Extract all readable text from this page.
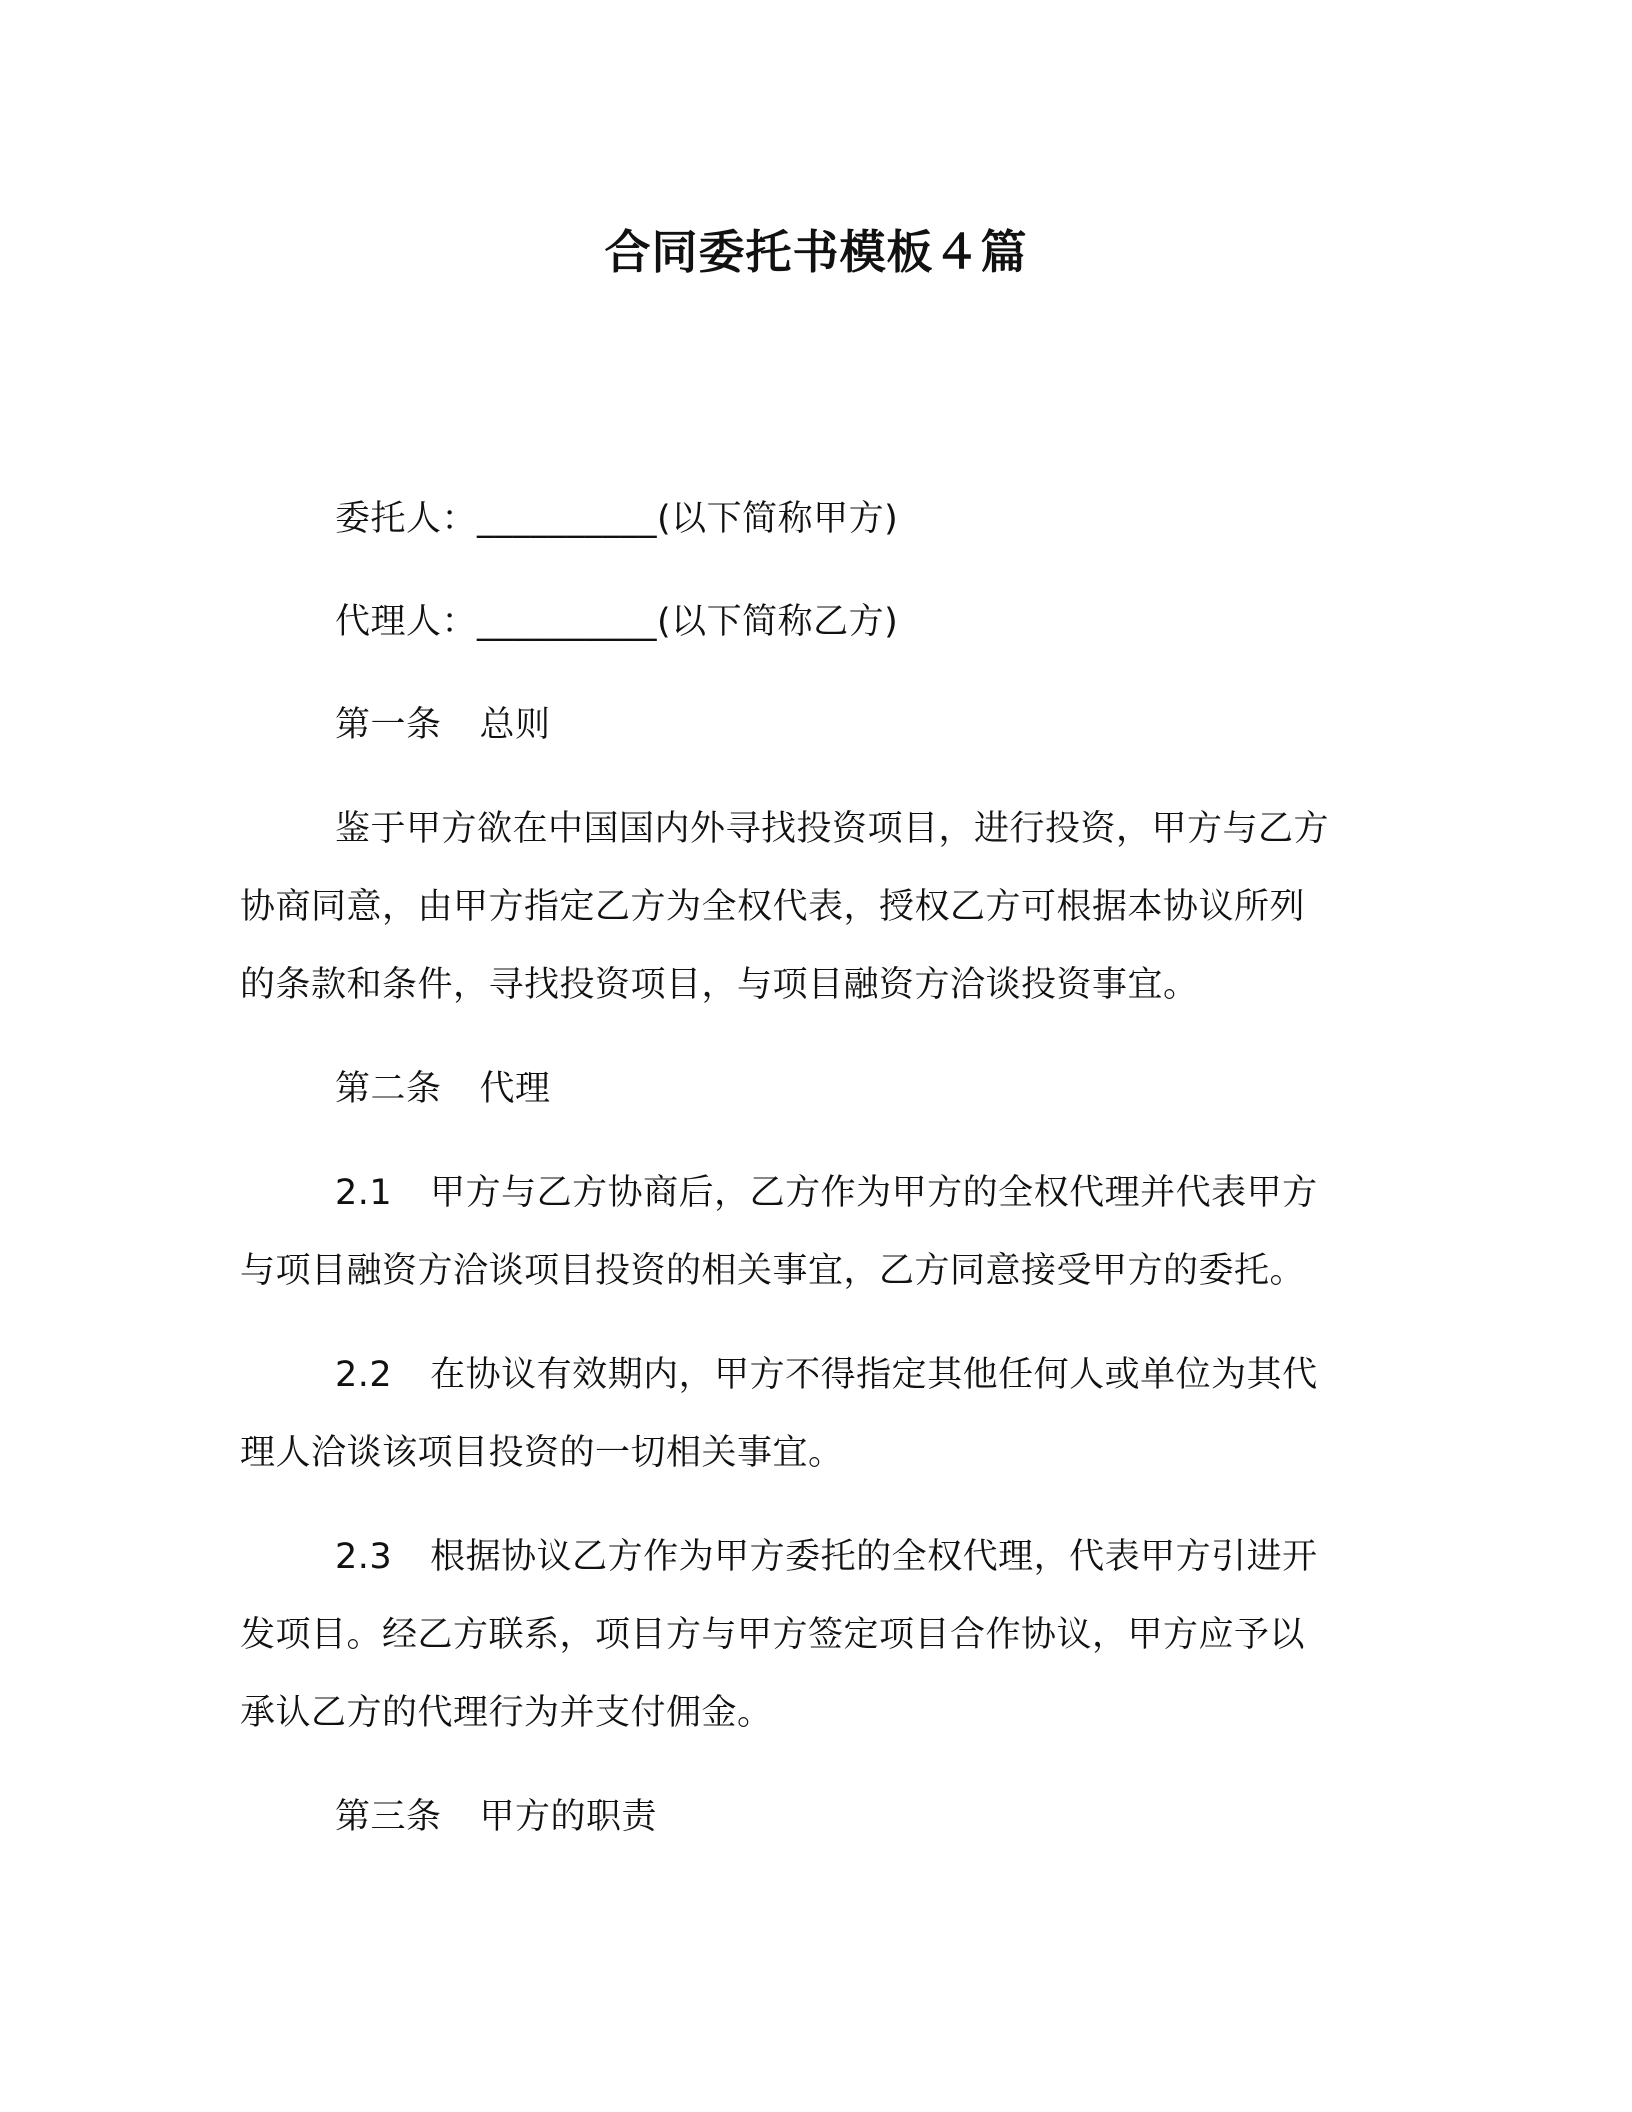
合同委托书模板４篇
委托人：__________(以下简称甲方)
代理人：__________(以下简称乙方)
第一条 总则
鉴于甲方欲在中国国内外寻找投资项目，进行投资，甲方与乙方
协商同意，由甲方指定乙方为全权代表，授权乙方可根据本协议所列
的条款和条件，寻找投资项目，与项目融资方洽谈投资事宜。
第二条 代理
2.1 甲方与乙方协商后，乙方作为甲方的全权代理并代表甲方
与项目融资方洽谈项目投资的相关事宜，乙方同意接受甲方的委托。
2.2 在协议有效期内，甲方不得指定其他任何人或单位为其代
理人洽谈该项目投资的一切相关事宜。
2.3 根据协议乙方作为甲方委托的全权代理，代表甲方引进开
发项目。经乙方联系，项目方与甲方签定项目合作协议，甲方应予以
承认乙方的代理行为并支付佣金。
第三条 甲方的职责
